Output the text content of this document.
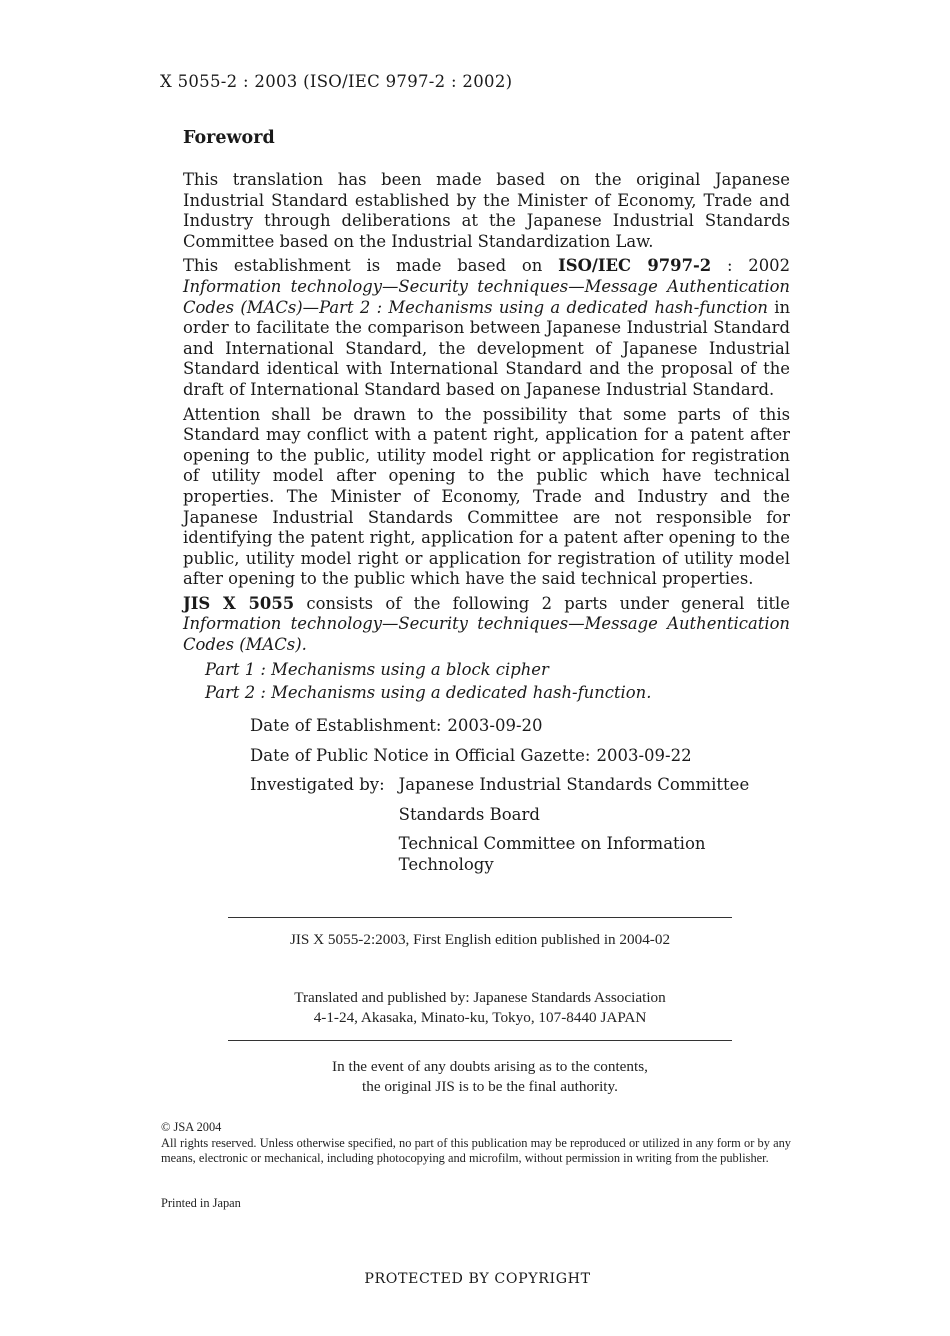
X 5055-2 : 2003 (ISO/IEC 9797-2 : 2002)
Foreword

This translation has been made based on the original Japanese Industrial Standard established by the Minister of Economy, Trade and Industry through deliberations at the Japanese Industrial Standards Committee based on the Industrial Standardization Law.

This establishment is made based on ISO/IEC 9797-2 : 2002 Information technology—Security techniques—Message Authentication Codes (MACs)—Part 2 : Mechanisms using a dedicated hash-function in order to facilitate the comparison between Japanese Industrial Standard and International Standard, the development of Japanese Industrial Standard identical with International Standard and the proposal of the draft of International Standard based on Japanese Industrial Standard.

Attention shall be drawn to the possibility that some parts of this Standard may conflict with a patent right, application for a patent after opening to the public, utility model right or application for registration of utility model after opening to the public which have technical properties. The Minister of Economy, Trade and Industry and the Japanese Industrial Standards Committee are not responsible for identifying the patent right, application for a patent after opening to the public, utility model right or application for registration of utility model after opening to the public which have the said technical properties.

JIS X 5055 consists of the following 2 parts under general title Information technology—Security techniques—Message Authentication Codes (MACs).

Part 1 : Mechanisms using a block cipher
Part 2 : Mechanisms using a dedicated hash-function.
Date of Establishment: 2003-09-20
Date of Public Notice in Official Gazette: 2003-09-22
Investigated by: Japanese Industrial Standards Committee
Standards Board
Technical Committee on Information
Technology
JIS X 5055-2:2003, First English edition published in 2004-02
Translated and published by: Japanese Standards Association
4-1-24, Akasaka, Minato-ku, Tokyo, 107-8440 JAPAN
In the event of any doubts arising as to the contents,
the original JIS is to be the final authority.
© JSA 2004
All rights reserved. Unless otherwise specified, no part of this publication may be reproduced or utilized in any form or by any means, electronic or mechanical, including photocopying and microfilm, without permission in writing from the publisher.
Printed in Japan
PROTECTED BY COPYRIGHT
